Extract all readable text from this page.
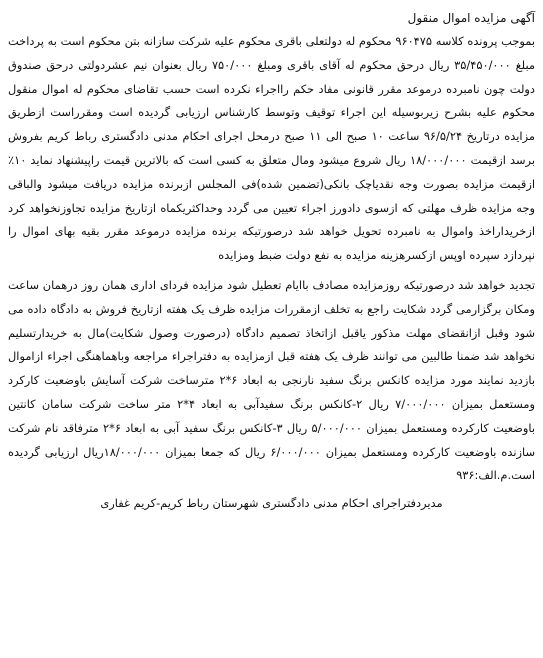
آگهی مزایده اموال منقول

بموجب پرونده کلاسه ۹۶۰۴۷۵ محکوم له دولتعلی باقری محکوم علیه شرکت سازانه بتن محکوم است به پرداخت مبلغ ۳۵/۴۵۰/۰۰۰ ریال درحق محکوم له آقای باقری ومبلغ ۷۵۰/۰۰۰ ریال بعنوان نیم عشردولتی درحق صندوق دولت چون نامبرده درموعد مقرر قانونی مفاد حکم رااجراء نکرده است حسب تقاضای محکوم له اموال منقول محکوم علیه بشرح زیربوسیله این اجراء توقیف وتوسط کارشناس ارزیابی گردیده است ومقرراست ازطریق مزایده درتاریخ ۹۶/۵/۲۴ ساعت ۱۰ صبح الی ۱۱ صبح درمحل اجرای احکام مدنی دادگستری رباط کریم بفروش برسد ازقیمت ۱۸/۰۰۰/۰۰۰ ریال شروع میشود ومال متعلق به کسی است که بالاترین قیمت راپیشنهاد نماید ۱۰٪ ازقیمت مزایده بصورت وجه نقدیاچک بانکی(تضمین شده)فی المجلس ازبرنده مزایده دریافت میشود والباقی وجه مزایده ظرف مهلتی که ازسوی دادورز اجراء تعیین می گردد وحداکثریکماه ازتاریخ مزایده تجاوزنخواهد کرد ازخریداراخذ واموال به نامبرده تحویل خواهد شد درصورتیکه برنده مزایده درموعد مقرر بقیه بهای اموال را نپردازد سپرده اوپس ازکسرهزینه مزایده به نفع دولت ضبط ومزایده

تجدید خواهد شد درصورتیکه روزمزایده مصادف باایام تعطیل شود مزایده فردای اداری همان روز درهمان ساعت ومکان برگزارمی گردد شکایت راجع به تخلف ازمقررات مزایده ظرف یک هفته ازتاریخ فروش به دادگاه داده می شود وقبل ازانقضای مهلت مذکور یاقبل ازاتخاذ تصمیم دادگاه (درصورت وصول شکایت)مال به خریدارتسلیم نخواهد شد ضمنا طالبین می توانند ظرف یک هفته قبل ازمزایده به دفتراجراء مراجعه وباهماهنگی اجراء ازاموال بازدید نمایند مورد مزایده کانکس برنگ سفید نارنجی به ابعاد ۶*۲ مترساخت شرکت آسایش باوضعیت کارکرد ومستعمل بمیزان ۷/۰۰۰/۰۰۰ ریال ۲-کانکس برنگ سفیدآبی به ابعاد ۴*۲ متر ساخت شرکت سامان کانتین باوضعیت کارکرده ومستعمل بمیزان ۵/۰۰۰/۰۰۰ ریال ۳-کانکس برنگ سفید آبی به ابعاد ۶*۲ مترفاقد نام شرکت سازنده باوضعیت کارکرده ومستعمل بمیزان ۶/۰۰۰/۰۰۰ ریال که جمعا بمیزان ۱۸/۰۰۰/۰۰۰ریال ارزیابی گردیده است.م.الف:۹۳۶

مدیردفتراجرای احکام مدنی دادگستری شهرستان رباط کریم-کریم غفاری
